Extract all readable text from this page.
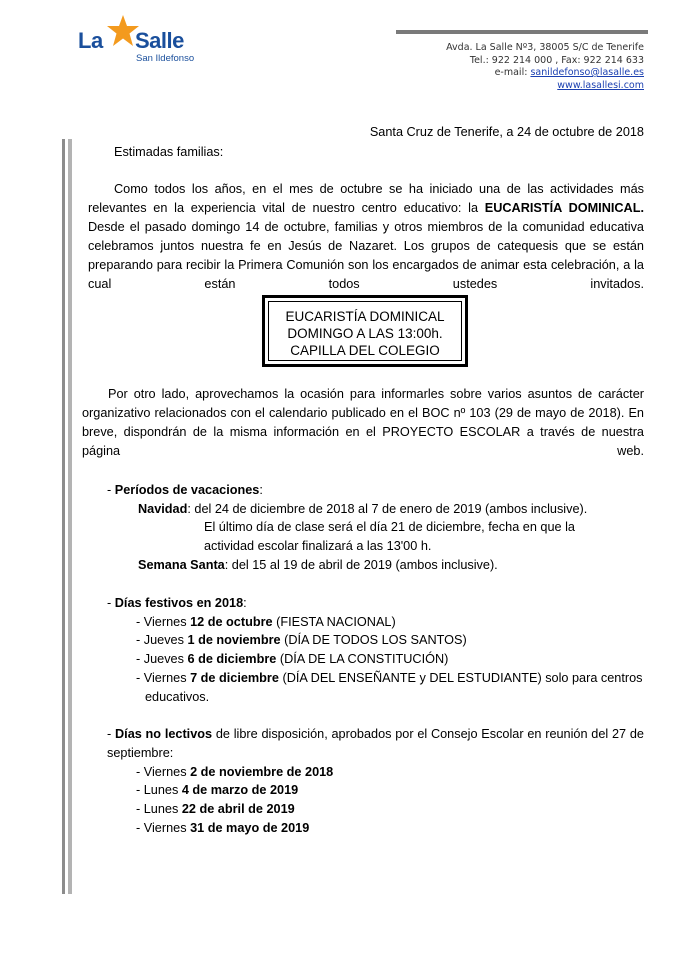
La Salle
San Ildefonso
Avda. La Salle Nº3, 38005 S/C de Tenerife
Tel.: 922 214 000 , Fax: 922 214 633
e-mail: sanildefonso@lasalle.es
www.lasallesi.com
Santa Cruz de Tenerife, a 24 de octubre de 2018
Estimadas familias:
Como todos los años, en el mes de octubre se ha iniciado una de las actividades más relevantes en la experiencia vital de nuestro centro educativo: la EUCARISTÍA DOMINICAL. Desde el pasado domingo 14 de octubre, familias y otros miembros de la comunidad educativa celebramos juntos nuestra fe en Jesús de Nazaret. Los grupos de catequesis que se están preparando para recibir la Primera Comunión son los encargados de animar esta celebración, a la cual están todos ustedes invitados.
EUCARISTÍA DOMINICAL
DOMINGO A LAS 13:00h.
CAPILLA DEL COLEGIO
Por otro lado, aprovechamos la ocasión para informarles sobre varios asuntos de carácter organizativo relacionados con el calendario publicado en el BOC nº 103 (29 de mayo de 2018). En breve, dispondrán de la misma información en el PROYECTO ESCOLAR a través de nuestra página web.
- Períodos de vacaciones:
Navidad: del 24 de diciembre de 2018 al 7 de enero de 2019 (ambos inclusive).
El último día de clase será el día 21 de diciembre, fecha en que la
actividad escolar finalizará a las 13'00 h.
Semana Santa: del 15 al 19 de abril de 2019 (ambos inclusive).
- Días festivos en 2018:
- Viernes 12 de octubre (FIESTA NACIONAL)
- Jueves 1 de noviembre (DÍA DE TODOS LOS SANTOS)
- Jueves 6 de diciembre (DÍA DE LA CONSTITUCIÓN)
- Viernes 7 de diciembre (DÍA DEL ENSEÑANTE y DEL ESTUDIANTE) solo para centros
educativos.
- Días no lectivos de libre disposición, aprobados por el Consejo Escolar en reunión del 27 de septiembre:
- Viernes 2 de noviembre de 2018
- Lunes 4 de marzo de 2019
- Lunes 22 de abril de 2019
- Viernes 31 de mayo de 2019
